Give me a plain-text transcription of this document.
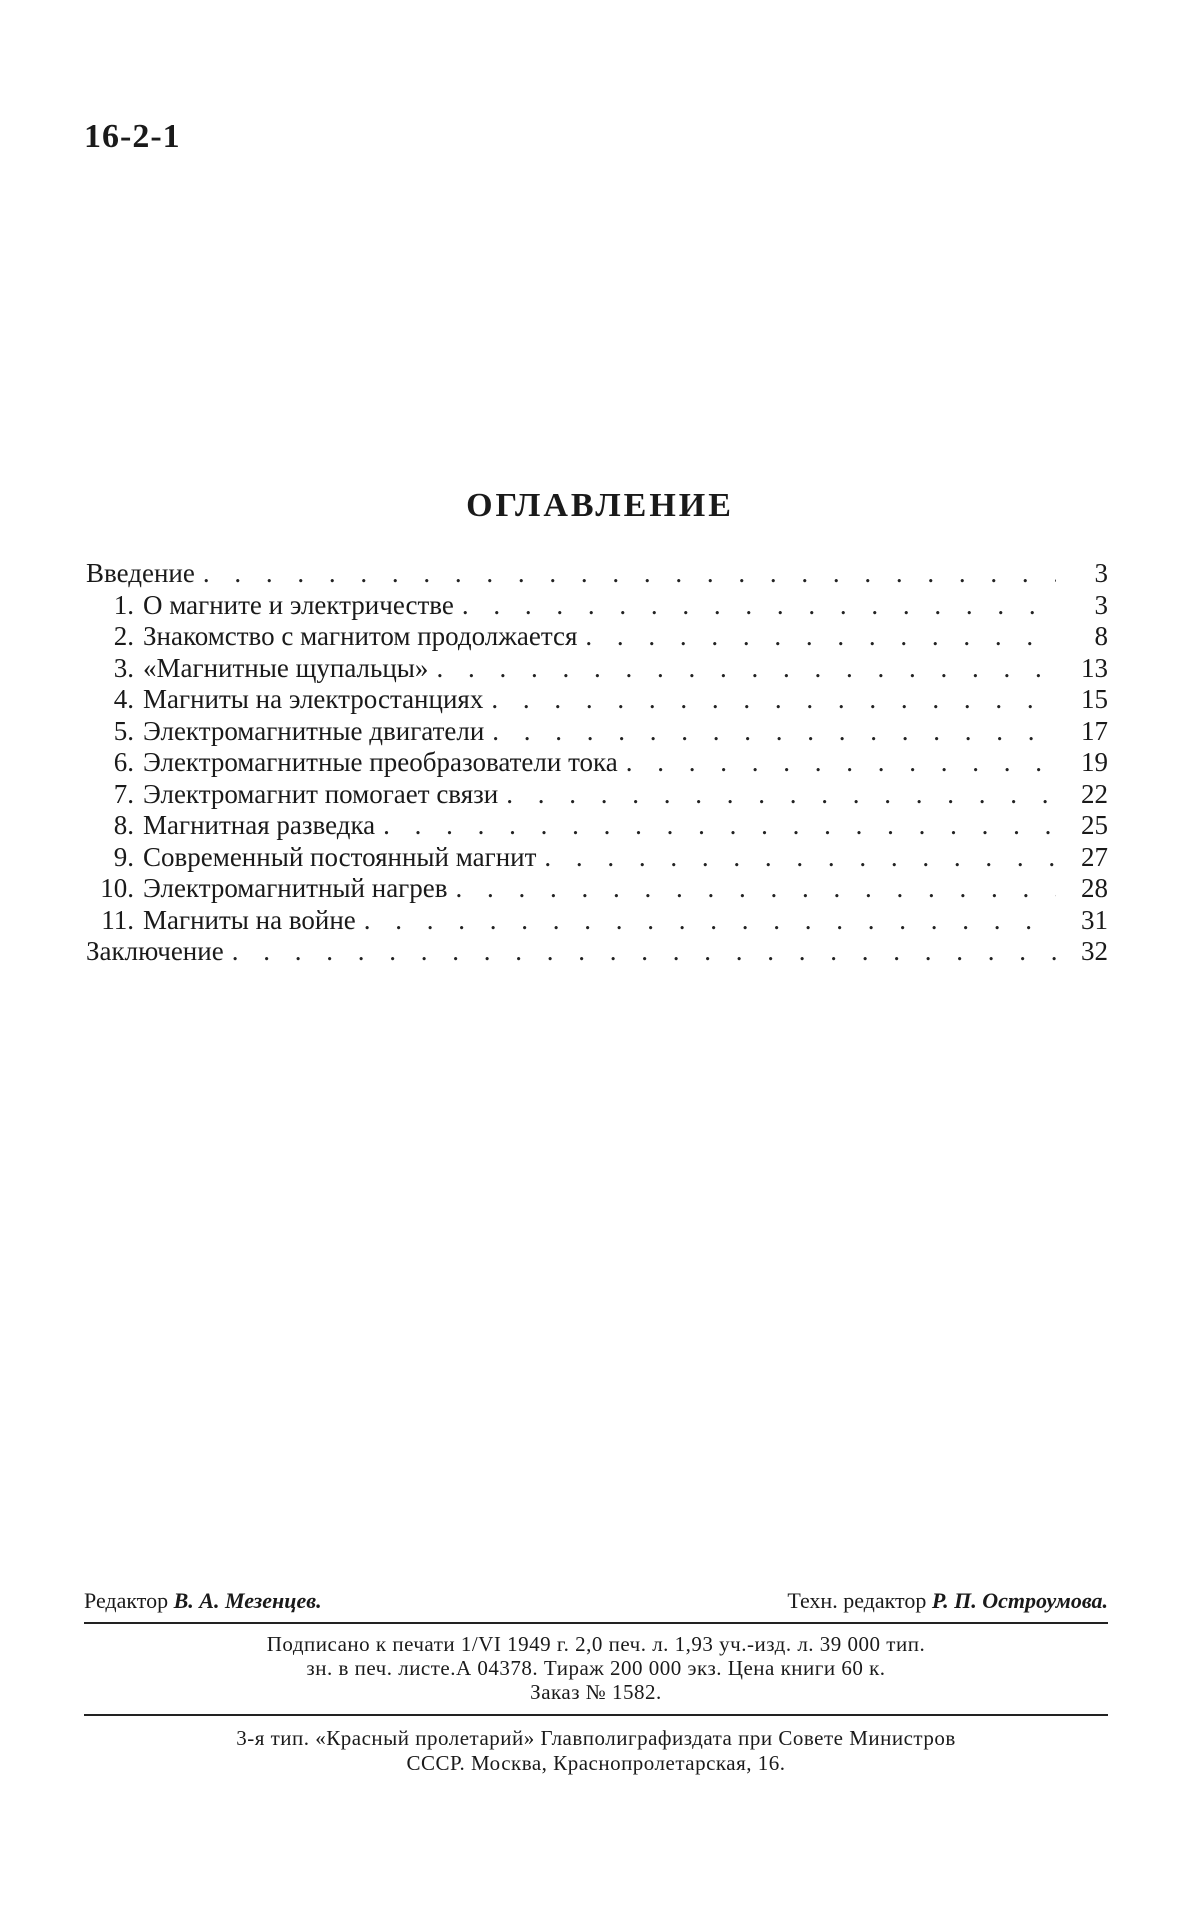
16-2-1
ОГЛАВЛЕНИЕ
Введение . . .	3
1. О магните и электричестве . . .	3
2. Знакомство с магнитом продолжается . . .	8
3. «Магнитные щупальцы» . . .	13
4. Магниты на электростанциях . . .	15
5. Электромагнитные двигатели . . .	17
6. Электромагнитные преобразователи тока . . .	19
7. Электромагнит помогает связи . . .	22
8. Магнитная разведка . . .	25
9. Современный постоянный магнит . . .	27
10. Электромагнитный нагрев . . .	28
11. Магниты на войне . . .	31
Заключение . . .	32
Редактор В. А. Мезенцев.	Техн. редактор Р. П. Остроумова.
Подписано к печати 1/VI 1949 г. 2,0 печ. л. 1,93 уч.-изд. л. 39 000 тип.
зн. в печ. листе.А 04378. Тираж 200 000 экз. Цена книги 60 к.
Заказ № 1582.
3-я тип. «Красный пролетарий» Главполиграфиздата при Совете Министров
СССР. Москва, Краснопролетарская, 16.
